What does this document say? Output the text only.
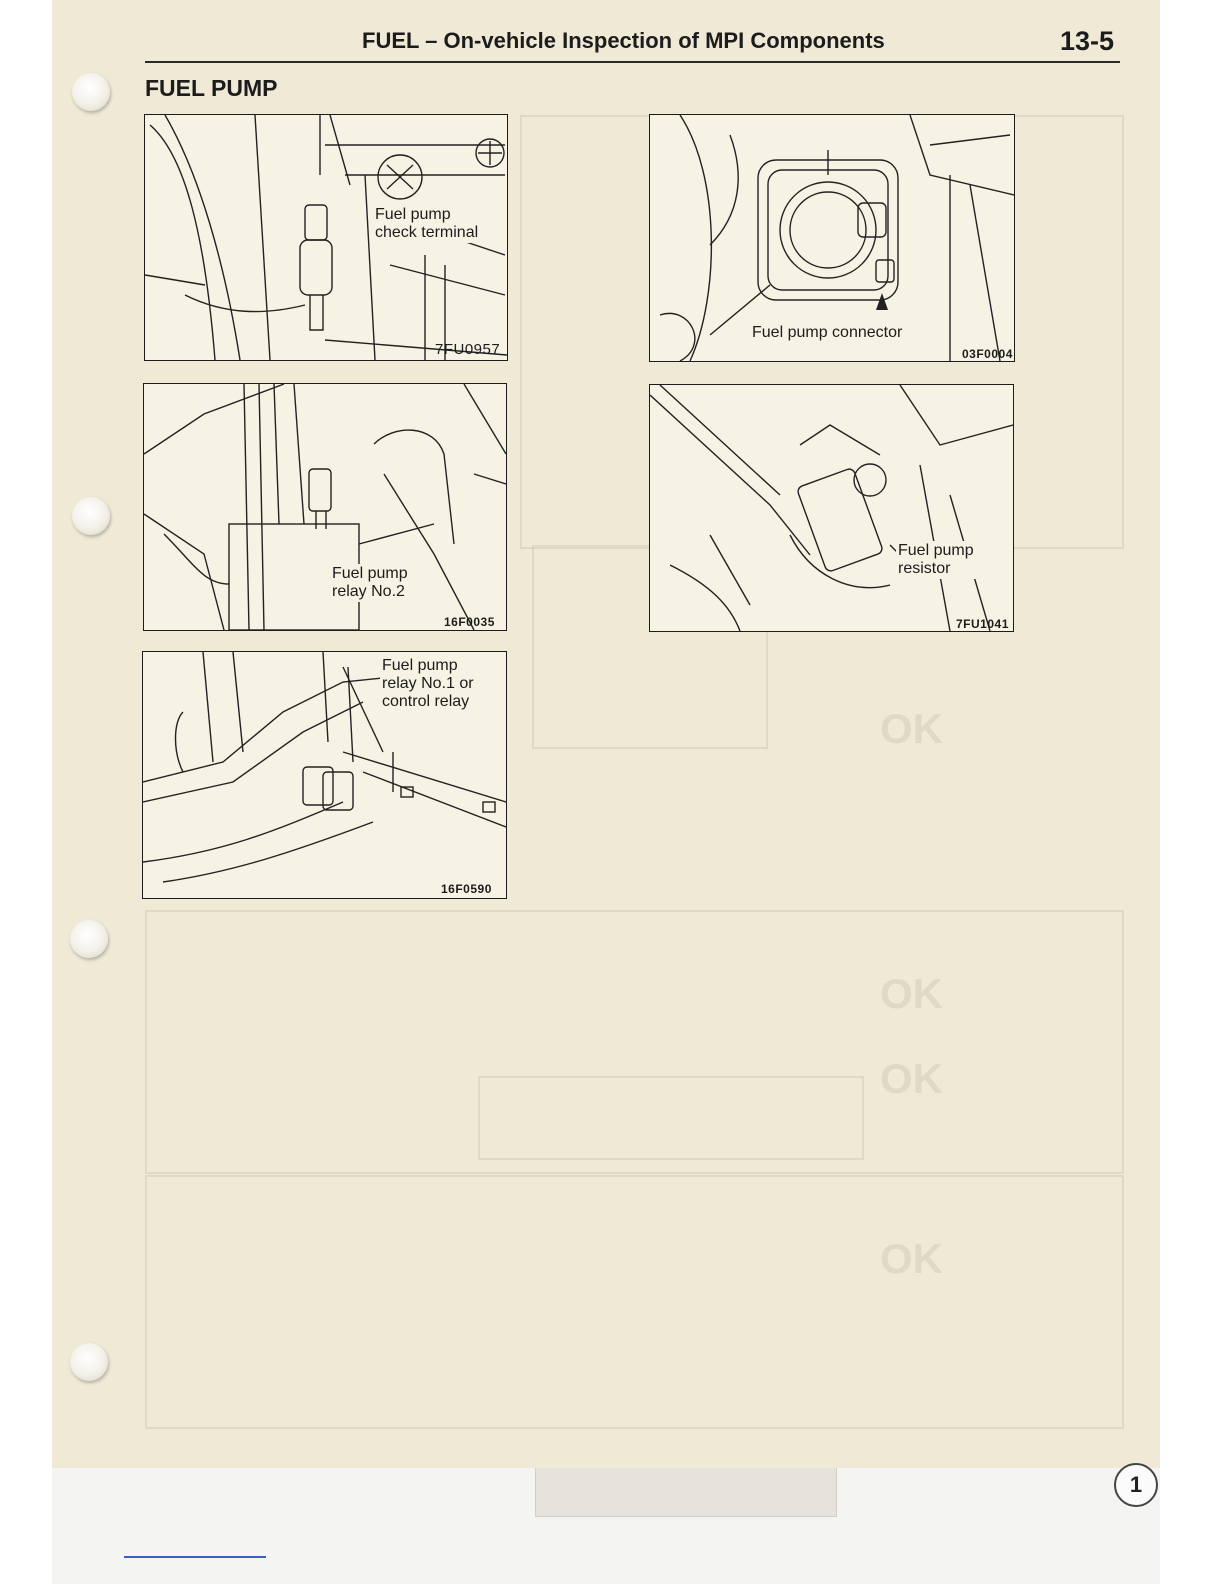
OK
OK
OK
OK
FUEL – On-vehicle Inspection of MPI Components	13-5
FUEL PUMP
Fuel pump
check terminal
7FU0957
Fuel pump connector
03F0004
Fuel pump
relay No.2
16F0035
Fuel pump
resistor
7FU1041
Fuel pump
relay No.1 or
control relay
16F0590
1
